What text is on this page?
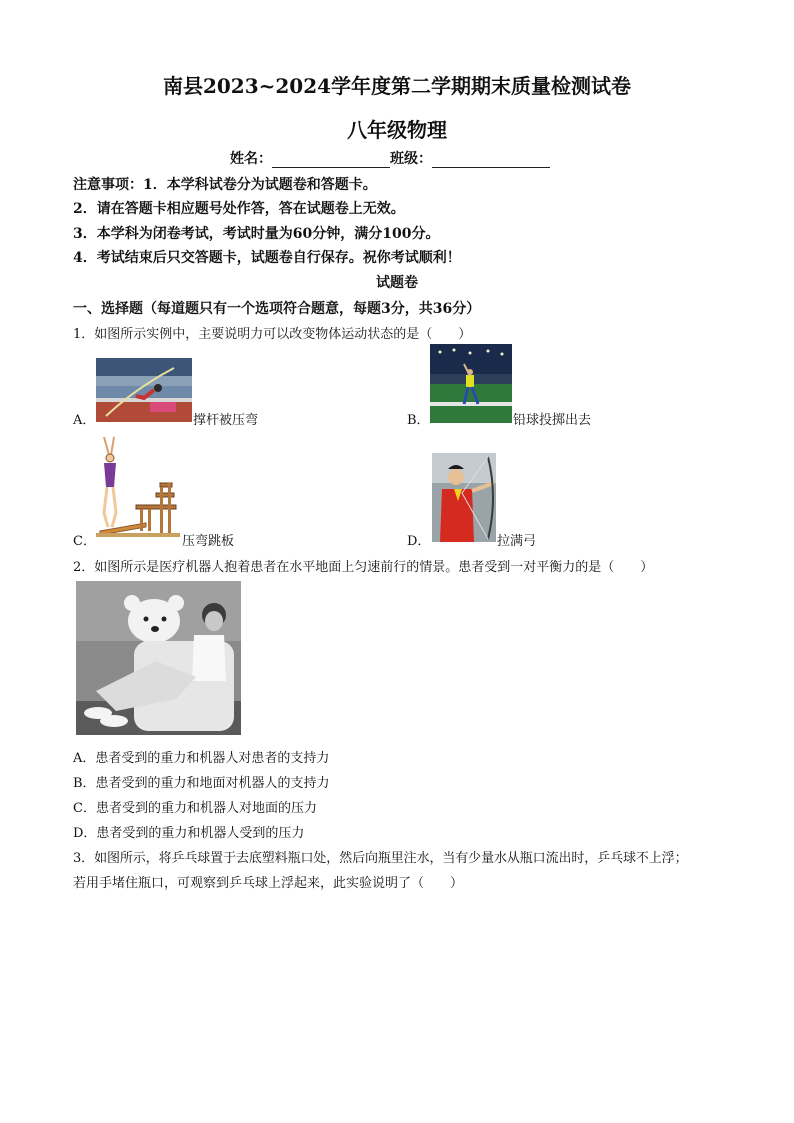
南县2023~2024学年度第二学期期末质量检测试卷
八年级物理
姓名：	班级：
注意事项：1．本学科试卷分为试题卷和答题卡。
2．请在答题卡相应题号处作答，答在试题卷上无效。
3．本学科为闭卷考试，考试时量为60分钟，满分100分。
4．考试结束后只交答题卡，试题卷自行保存。祝你考试顺利！
试题卷
一、选择题（每道题只有一个选项符合题意，每题3分，共36分）
1．如图所示实例中，主要说明力可以改变物体运动状态的是（　　）
A．	撑杆被压弯	B．	铅球投掷出去
C．	压弯跳板	D．	拉满弓
2．如图所示是医疗机器人抱着患者在水平地面上匀速前行的情景。患者受到一对平衡力的是（　　）
A．患者受到的重力和机器人对患者的支持力
B．患者受到的重力和地面对机器人的支持力
C．患者受到的重力和机器人对地面的压力
D．患者受到的重力和机器人受到的压力
3．如图所示，将乒乓球置于去底塑料瓶口处，然后向瓶里注水，当有少量水从瓶口流出时，乒乓球不上浮；
若用手堵住瓶口，可观察到乒乓球上浮起来，此实验说明了（　　）
